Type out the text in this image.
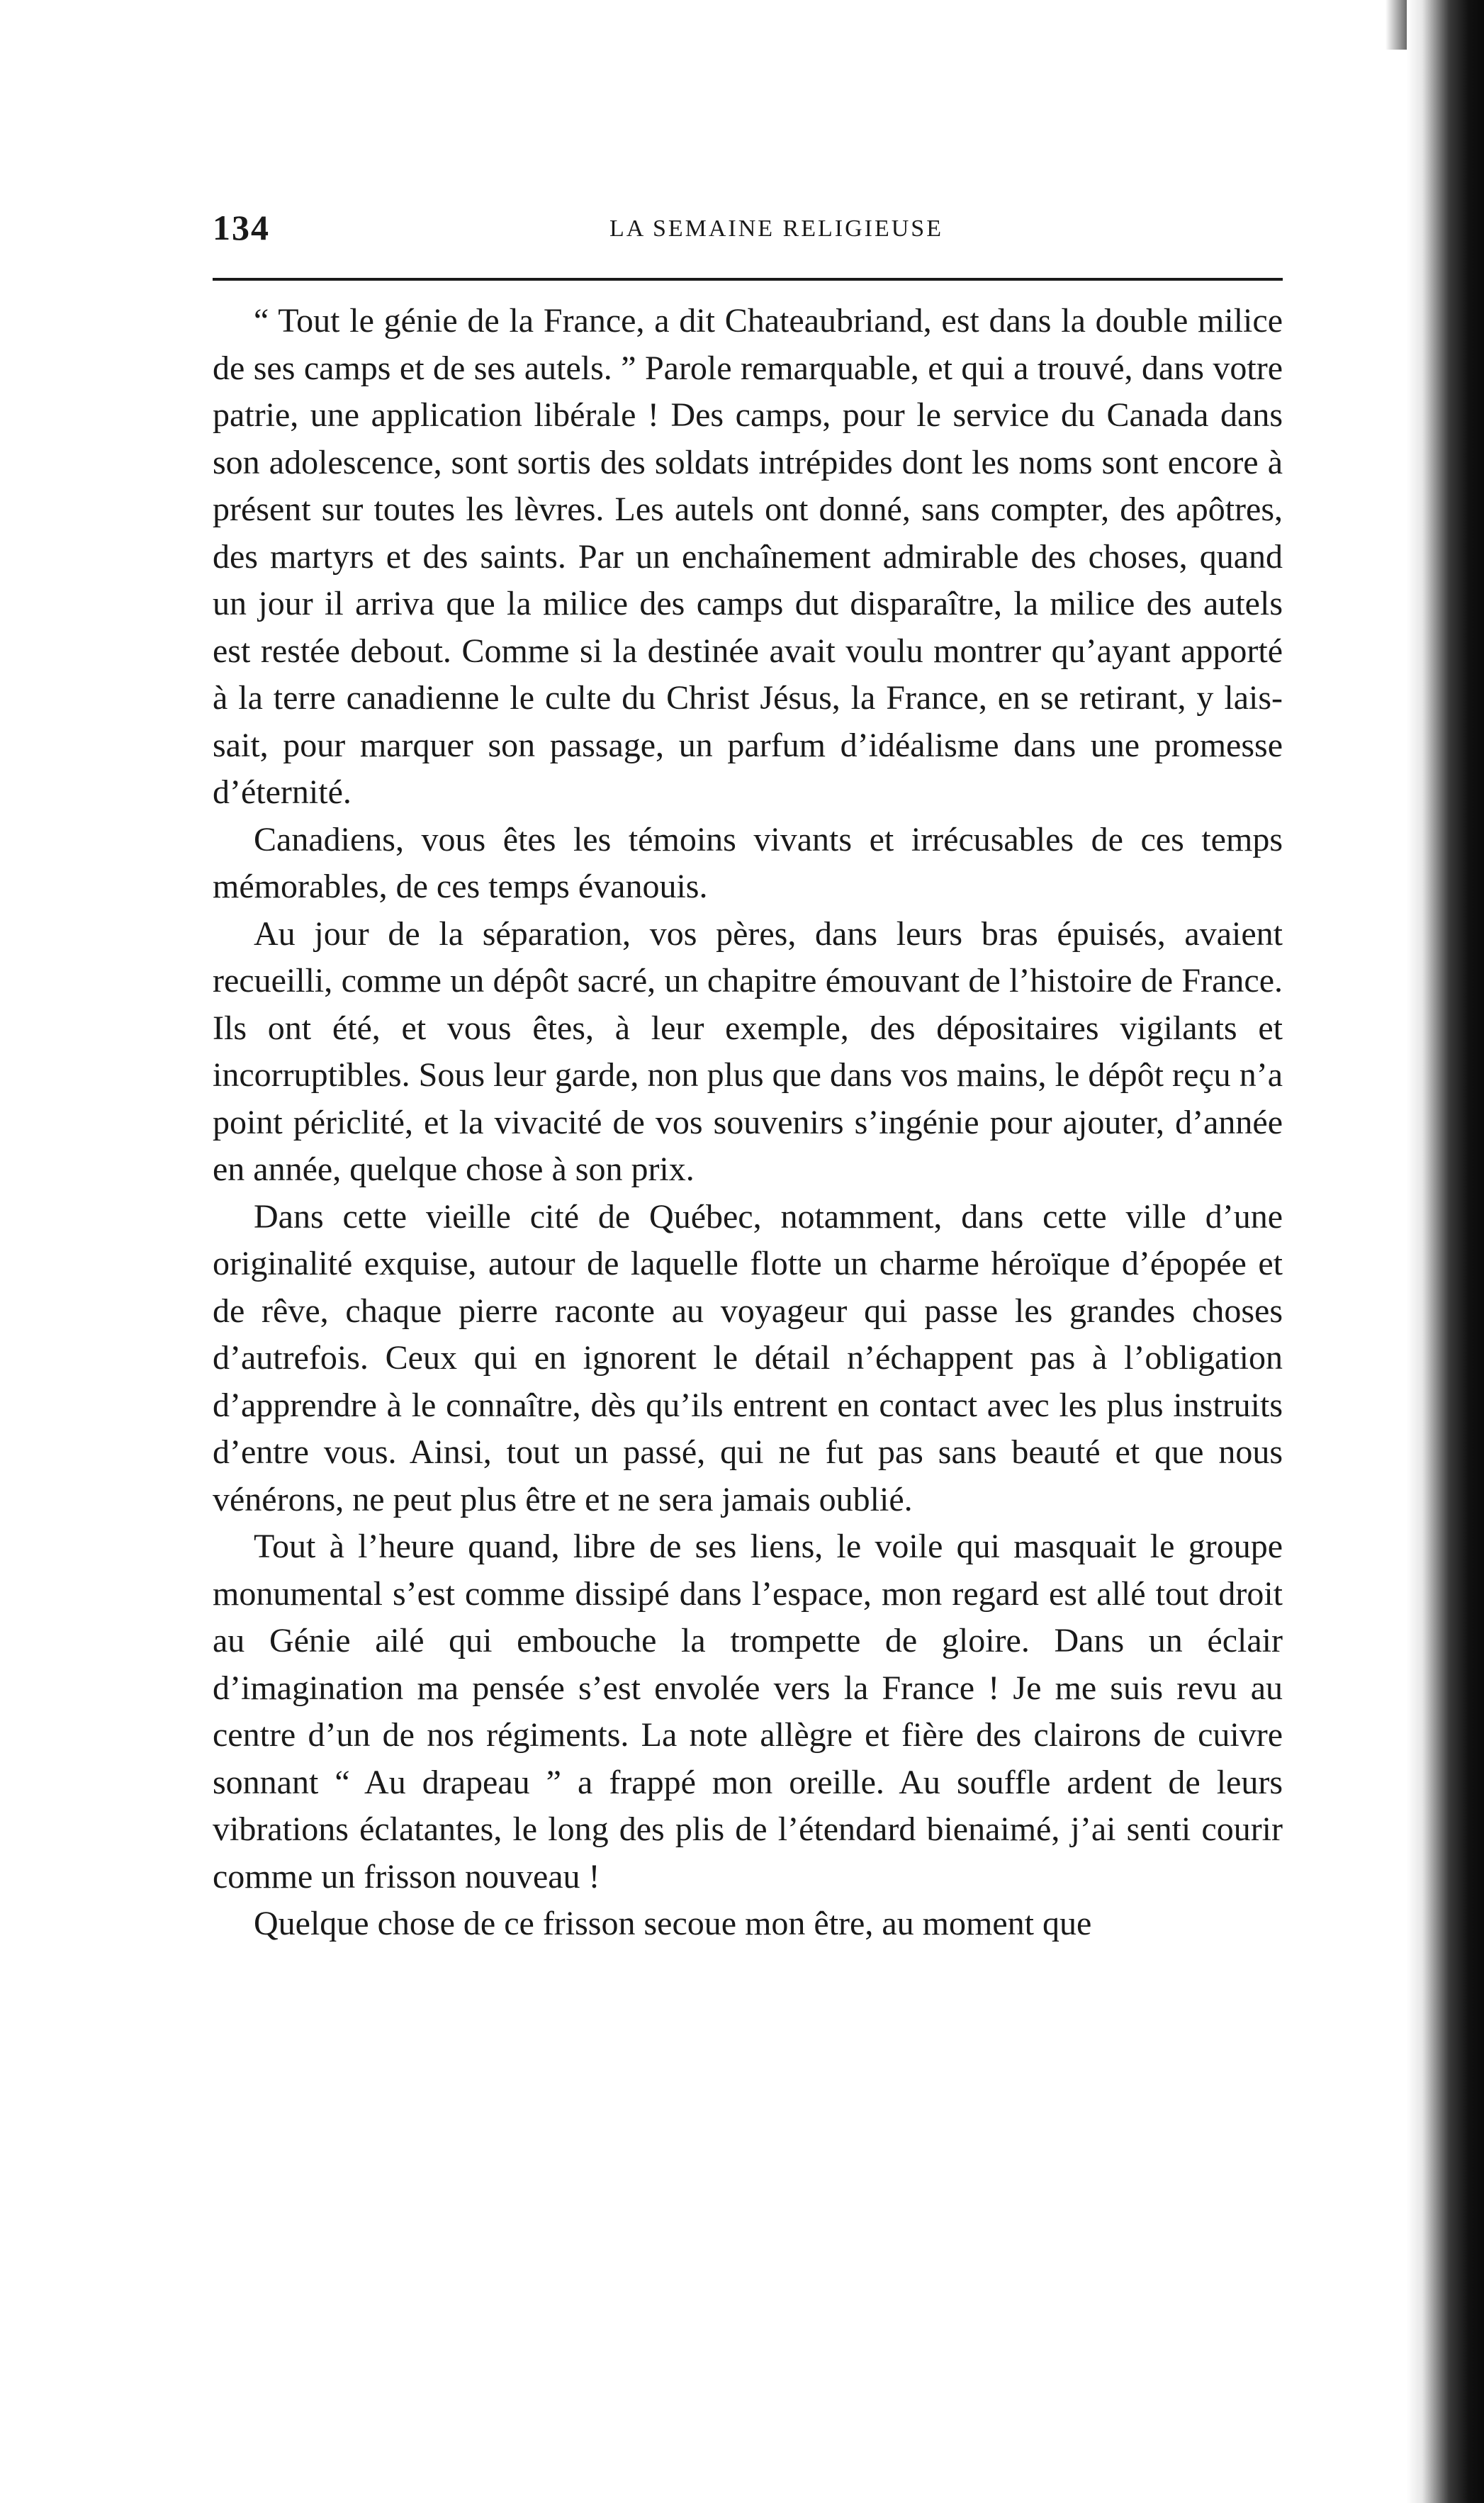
134	LA SEMAINE RELIGIEUSE

“ Tout le génie de la France, a dit Chateaubriand, est dans la double milice de ses camps et de ses autels. ” Parole remarquable, et qui a trouvé, dans votre patrie, une application libérale ! Des camps, pour le service du Canada dans son adolescence, sont sortis des soldats intrépides dont les noms sont encore à présent sur toutes les lèvres. Les autels ont donné, sans compter, des apôtres, des martyrs et des saints. Par un enchaînement admirable des choses, quand un jour il arriva que la milice des camps dut disparaître, la milice des autels est restée debout. Comme si la destinée avait voulu montrer qu’ayant apporté à la terre canadienne le culte du Christ Jésus, la France, en se retirant, y laissait, pour marquer son passage, un parfum d’idéalisme dans une promesse d’éternité.

Canadiens, vous êtes les témoins vivants et irrécusables de ces temps mémorables, de ces temps évanouis.

Au jour de la séparation, vos pères, dans leurs bras épuisés, avaient recueilli, comme un dépôt sacré, un chapitre émouvant de l’histoire de France. Ils ont été, et vous êtes, à leur exemple, des dépositaires vigilants et incorruptibles. Sous leur garde, non plus que dans vos mains, le dépôt reçu n’a point périclité, et la vivacité de vos souvenirs s’ingénie pour ajouter, d’année en année, quelque chose à son prix.

Dans cette vieille cité de Québec, notamment, dans cette ville d’une originalité exquise, autour de laquelle flotte un charme héroïque d’épopée et de rêve, chaque pierre raconte au voyageur qui passe les grandes choses d’autrefois. Ceux qui en ignorent le détail n’échappent pas à l’obligation d’apprendre à le connaître, dès qu’ils entrent en contact avec les plus instruits d’entre vous. Ainsi, tout un passé, qui ne fut pas sans beauté et que nous vénérons, ne peut plus être et ne sera jamais oublié.

Tout à l’heure quand, libre de ses liens, le voile qui masquait le groupe monumental s’est comme dissipé dans l’espace, mon regard est allé tout droit au Génie ailé qui embouche la trompette de gloire. Dans un éclair d’imagination ma pensée s’est envolée vers la France ! Je me suis revu au centre d’un de nos régiments. La note allègre et fière des clairons de cuivre sonnant “ Au drapeau ” a frappé mon oreille. Au souffle ardent de leurs vibrations éclatantes, le long des plis de l’étendard bienaimé, j’ai senti courir comme un frisson nouveau !

Quelque chose de ce frisson secoue mon être, au moment que
